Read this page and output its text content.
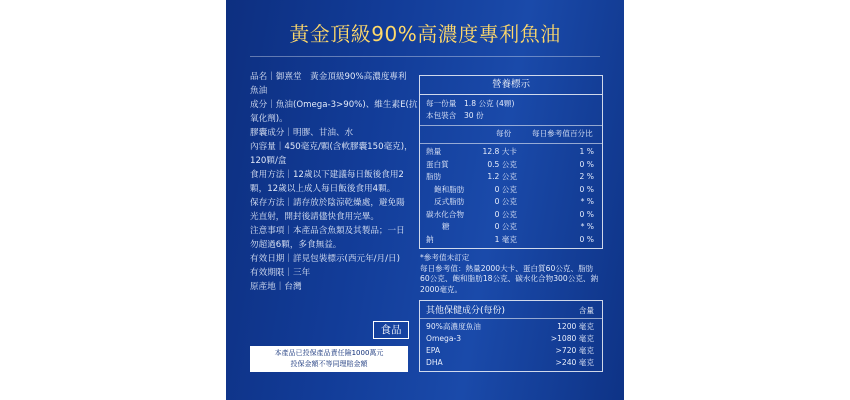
黃金頂級90%高濃度專利魚油
品名｜御熹堂　黃金頂級90%高濃度專利
魚油
成分｜魚油(Omega-3>90%)、維生素E(抗
氧化劑)。
膠囊成分｜明膠、甘油、水
內容量｜450毫克/顆(含軟膠囊150毫克)，
120顆/盒
食用方法｜12歲以下建議每日飯後食用2
顆，12歲以上成人每日飯後食用4顆。
保存方法｜請存放於陰涼乾燥處，避免陽
光直射，開封後請儘快食用完畢。
注意事項｜本產品含魚類及其製品；一日
勿超過6顆，多食無益。
有效日期｜詳見包裝標示(西元年/月/日)
有效期限｜三年
原產地｜台灣
食品
本產品已投保產品責任險1000萬元
投保金額不等同理賠金額
營養標示
每一份量　1.8 公克 (4顆)
本包裝含　30 份
每份	每日參考值百分比
熱量	12.8 大卡	1 %
蛋白質	0.5 公克	0 %
脂肪	1.2 公克	2 %
飽和脂肪	0 公克	0 %
反式脂肪	0 公克	* %
碳水化合物	0 公克	0 %
糖	0 公克	* %
鈉	1 毫克	0 %
*參考值未訂定
每日參考值：熱量2000大卡、蛋白質60公克、脂肪
60公克、飽和脂肪18公克、碳水化合物300公克、鈉
2000毫克。
其他保健成分(每份)	含量
90%高濃度魚油	1200 毫克
Omega-3	>1080 毫克
EPA	>720 毫克
DHA	>240 毫克
